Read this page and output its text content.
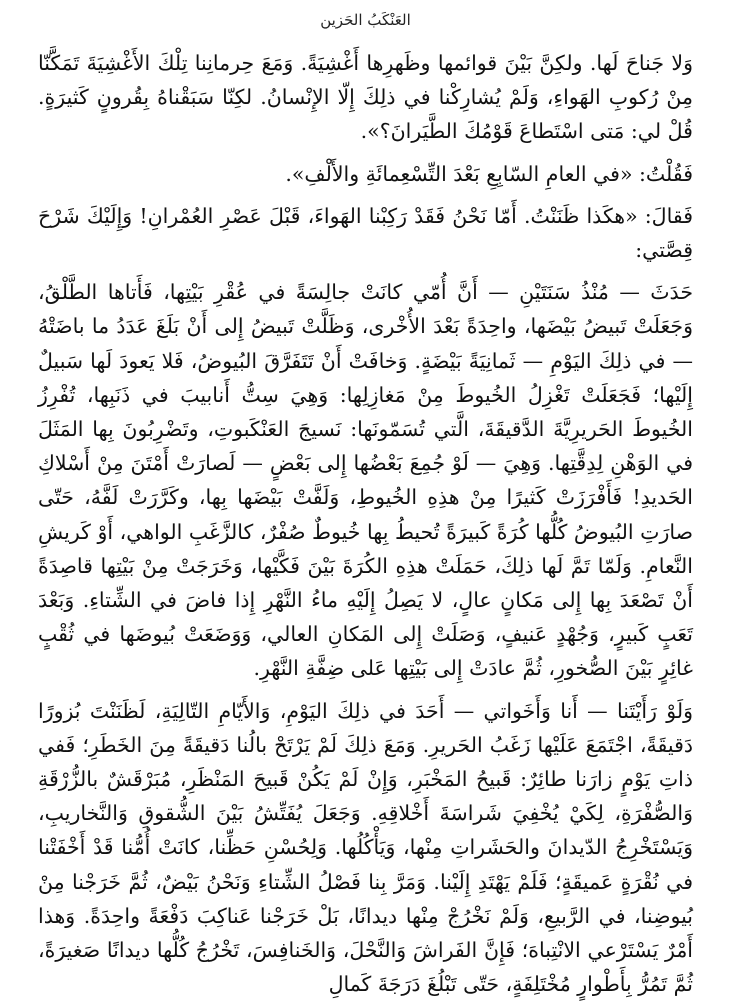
العَنْكَبُ الحَزين

وَلا جَناحَ لَها. ولكِنَّ بَيْنَ قوائمها وظَهرِها أَغْشِيَةً. وَمَعَ حِرمانِنا تِلْكَ الأَغْشِيَةَ تَمَكَّنّا مِنْ رُكوبِ الهَواءِ، وَلَمْ يُشارِكْنا في ذلِكَ إِلّا الإِنْسانُ. لكِنّا سَبَقْناهُ بِقُرونٍ كَثيرَةٍ. قُلْ لي: مَتى اسْتَطاعَ قَوْمُكَ الطَّيَرانَ؟».

فَقُلْتُ: «في العامِ السّابِعِ بَعْدَ التِّسْعِمائَةِ والأَلْفِ».

فَقالَ: «هكَذا ظَنَنْتُ. أَمّا نَحْنُ فَقَدْ رَكِبْنا الهَواءَ، قَبْلَ عَصْرِ العُمْرانِ! وَإِلَيْكَ شَرْحَ قِصَّتي:

حَدَثَ — مُنْذُ سَنَتَيْنِ — أَنَّ أُمّي كانَتْ جالِسَةً في عُقْرِ بَيْتِها، فَأَتاها الطَّلْقُ، وَجَعَلَتْ تَبيضُ بَيْضَها، واحِدَةً بَعْدَ الأُخْرى، وَظَلَّتْ تَبيضُ إِلى أَنْ بَلَغَ عَدَدُ ما باضَتْهُ — في ذلِكَ اليَوْمِ — ثَمانِيَةً بَيْضَةٍ. وَخافَتْ أَنْ تَتَفَرَّقَ البُيوضُ، فَلا يَعودَ لَها سَبيلٌ إِلَيْها؛ فَجَعَلَتْ تَغْزِلُ الخُيوطَ مِنْ مَغازِلِها: وَهِيَ سِتُّ أَنابيبَ في ذَنَبِها، تُفْرِزُ الخُيوطَ الحَريرِيَّةَ الدَّقيقَةَ، الَّتي تُسَمّونَها: نَسيجَ العَنْكَبوتِ، وتَضْرِبُونَ بِها المَثَلَ في الوَهْنِ لِدِقَّتِها. وَهِيَ — لَوْ جُمِعَ بَعْضُها إِلى بَعْضٍ — لَصارَتْ أَمْتَنَ مِنْ أَسْلاكِ الحَديدِ! فَأَفْرَزَتْ كَثيرًا مِنْ هذِهِ الخُيوطِ، وَلَفَّتْ بَيْضَها بِها، وكَرَّرَتْ لَفَّهُ، حَتّى صارَتِ البُيوضُ كُلُّها كُرَةً كَبيرَةً تُحيطُ بِها خُيوطٌ صُفْرٌ، كالزَّغَبِ الواهي، أَوْ كَريشِ النَّعامِ. وَلَمّا تَمَّ لَها ذلِكَ، حَمَلَتْ هذِهِ الكُرَةَ بَيْنَ فَكَّيْها، وَخَرَجَتْ مِنْ بَيْتِها قاصِدَةً أَنْ تَصْعَدَ بِها إِلى مَكانٍ عالٍ، لا يَصِلُ إِلَيْهِ ماءُ النَّهْرِ إِذا فاضَ في الشِّتاءِ. وَبَعْدَ تَعَبٍ كَبيرٍ، وَجُهْدٍ عَنيفٍ، وَصَلَتْ إِلى المَكانِ العالي، وَوَضَعَتْ بُيوضَها في ثُقْبٍ غائِرٍ بَيْنَ الصُّخورِ، ثُمَّ عادَتْ إِلى بَيْتِها عَلى ضِفَّةِ النَّهْرِ.

وَلَوْ رَأَيْتَنا — أَنا وَأَخَواتي — أَحَدَ في ذلِكَ اليَوْمِ، وَالأَيّامِ التّالِيَةِ، لَظَنَنْتَ بُزورًا دَقيقَةً، اجْتَمَعَ عَلَيْها زَغَبُ الحَريرِ. وَمَعَ ذلِكَ لَمْ يَرْتَحْ بالُنا دَقيقَةً مِنَ الخَطَرِ؛ فَفي ذاتِ يَوْمٍ زارَنا طائِرٌ: قَبيحُ المَخْبَرِ، وَإِنْ لَمْ يَكُنْ قَبيحَ المَنْظَرِ، مُبَرْقَشٌ بالزُّرْقَةِ وَالصُّفْرَةِ، لِكَيْ يُخْفِيَ شَراسَةَ أَخْلاقِهِ. وَجَعَلَ يُفَتِّشُ بَيْنَ الشُّقوقِ وَالنَّخاريبِ، وَيَسْتَخْرِجُ الدّيدانَ والحَشَراتِ مِنْها، وَيَأْكُلُها. وَلِحُسْنِ حَظِّنا، كانَتْ أُمُّنا قَدْ أَخْفَتْنا في نُقْرَةٍ عَميقَةٍ؛ فَلَمْ يَهْتَدِ إِلَيْنا. وَمَرَّ بِنا فَصْلُ الشِّتاءِ وَنَحْنُ بَيْضٌ، ثُمَّ خَرَجْنا مِنْ بُيوضِنا، في الرَّبيعِ، وَلَمْ نَخْرُجْ مِنْها ديدانًا، بَلْ خَرَجْنا عَناكِبَ دَفْعَةً واحِدَةً. وَهذا أَمْرٌ يَسْتَرْعي الانْتِباهَ؛ فَإِنَّ الفَراشَ وَالنَّحْلَ، وَالخَنافِسَ، تَخْرُجُ كُلُّها ديدانًا صَغيرَةً، ثُمَّ تَمُرُّ بِأَطْوارٍ مُخْتَلِفَةٍ، حَتّى تَبْلُغَ دَرَجَةَ كَمالِ
